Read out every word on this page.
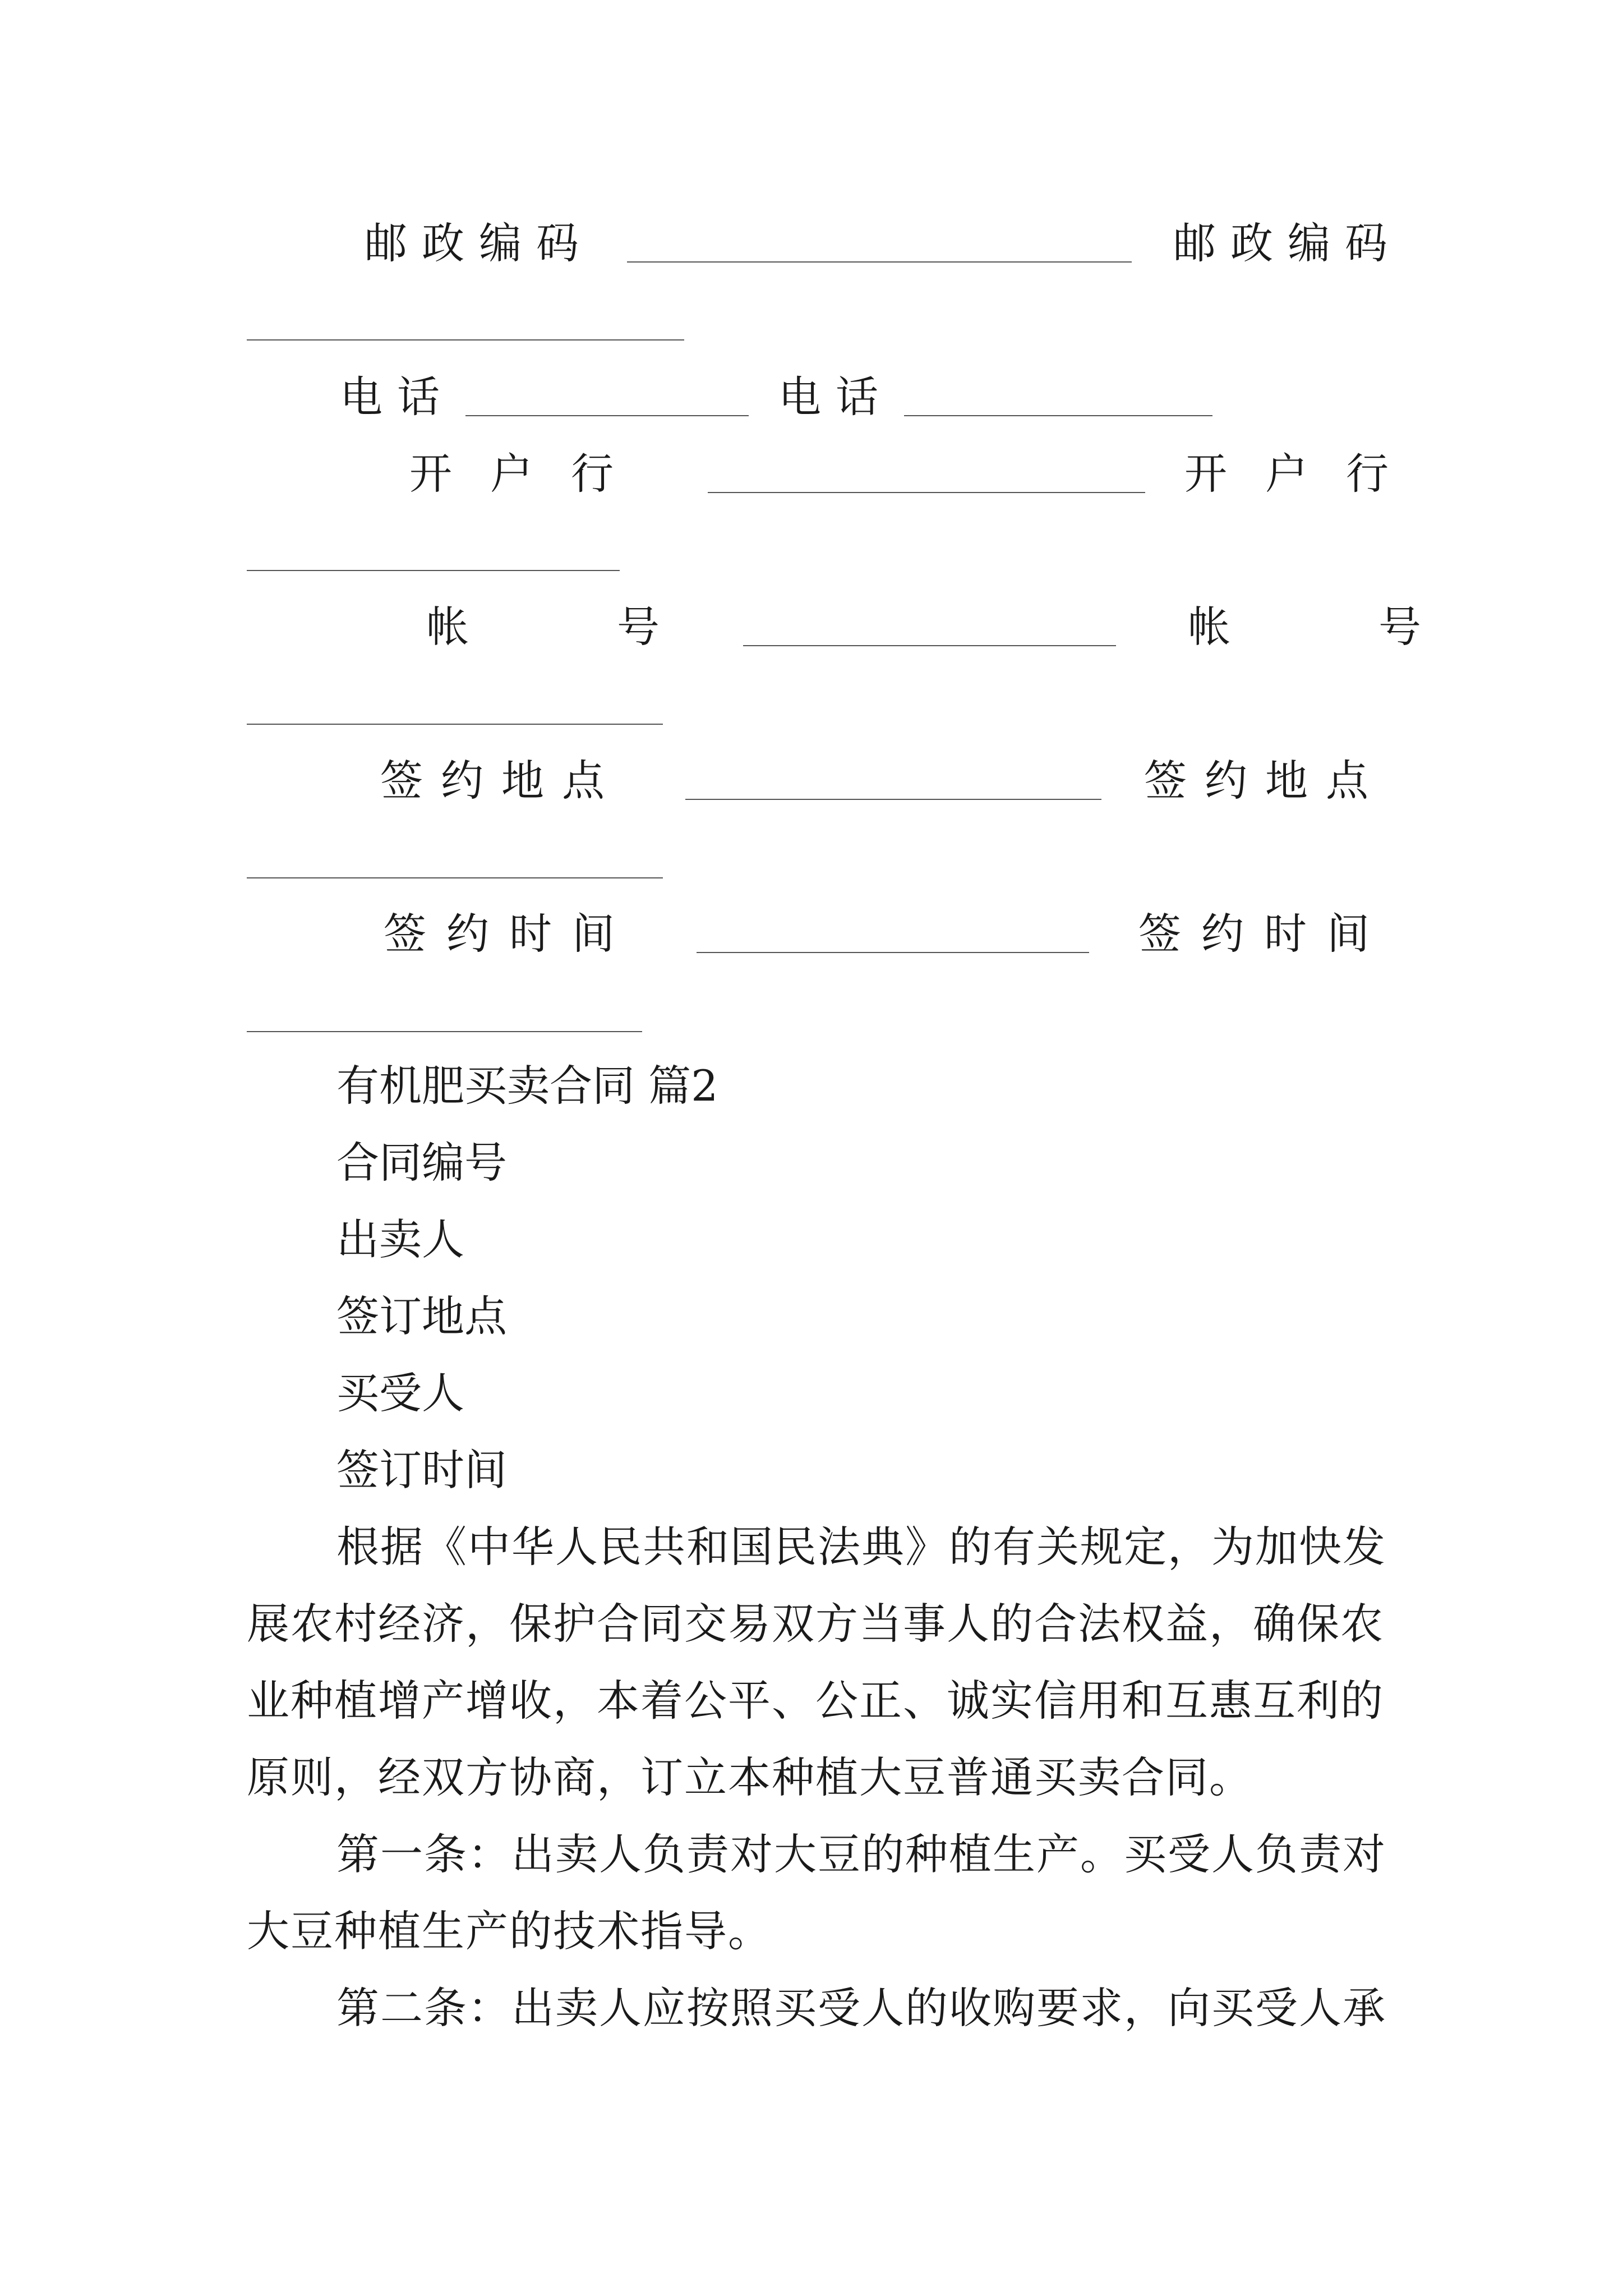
邮政编码	邮政编码
电话	电话
开户行	开户行
帐号	帐号
签约地点	签约地点
签约时间	签约时间
有机肥买卖合同 篇2
合同编号
出卖人
签订地点
买受人
签订时间
根据《中华人民共和国民法典》的有关规定，为加快发
展农村经济，保护合同交易双方当事人的合法权益，确保农
业种植增产增收，本着公平、公正、诚实信用和互惠互利的
原则，经双方协商，订立本种植大豆普通买卖合同。
第一条：出卖人负责对大豆的种植生产。买受人负责对
大豆种植生产的技术指导。
第二条：出卖人应按照买受人的收购要求，向买受人承
